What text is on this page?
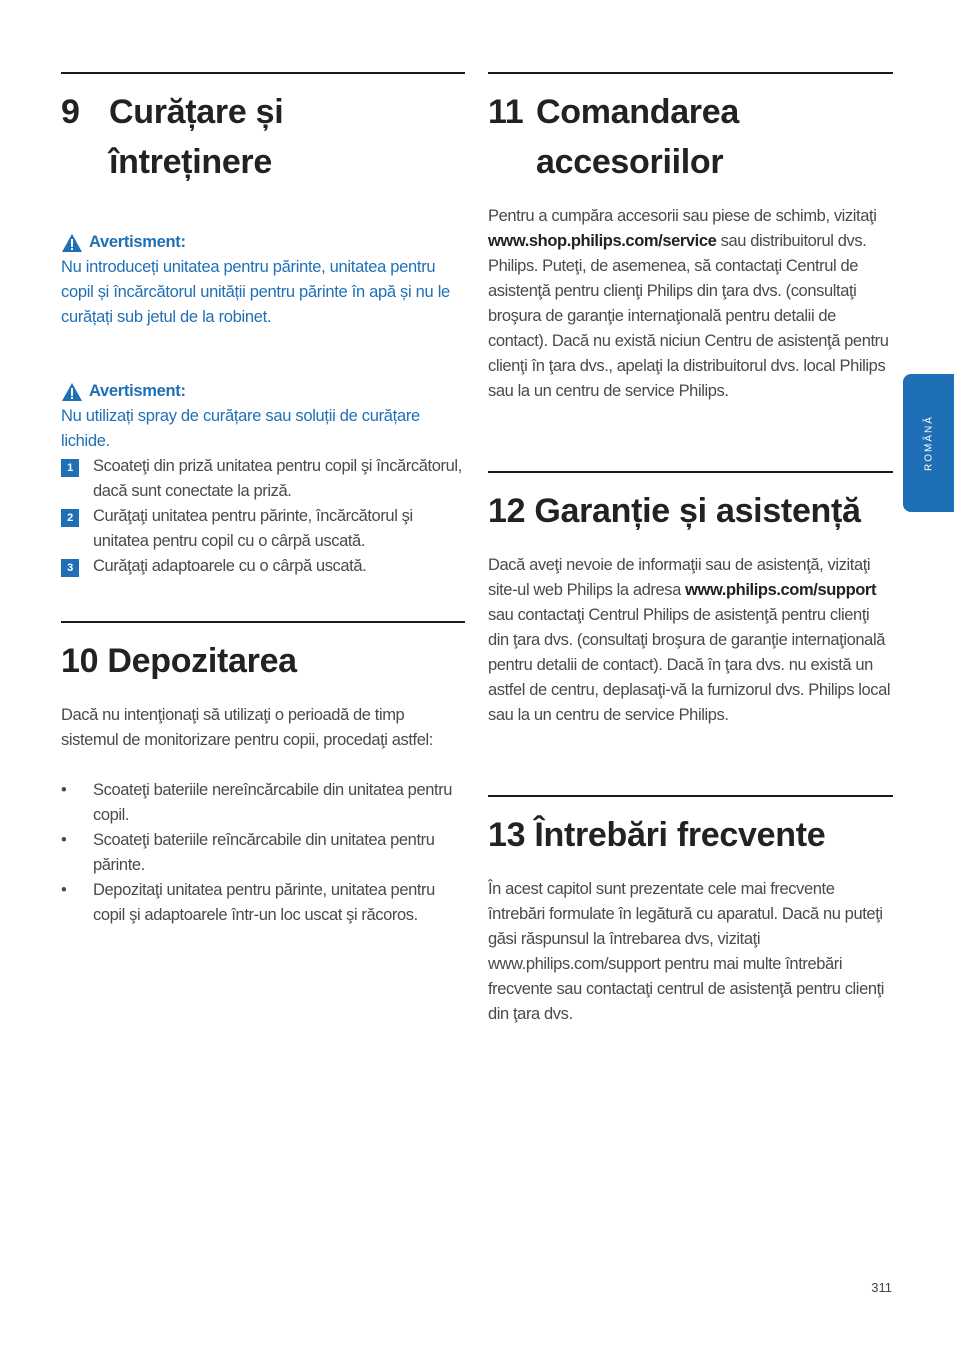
9 Curățare și
întreținere
Avertisment:
Nu introduceți unitatea pentru părinte, unitatea pentru copil și încărcătorul unității pentru părinte în apă și nu le curățați sub jetul de la robinet.
Avertisment:
Nu utilizați spray de curățare sau soluții de curățare lichide.
1	Scoateţi din priză unitatea pentru copil şi încărcătorul, dacă sunt conectate la priză.
2	Curăţaţi unitatea pentru părinte, încărcătorul şi unitatea pentru copil cu o cârpă uscată.
3	Curăţaţi adaptoarele cu o cârpă uscată.
10 Depozitarea

Dacă nu intenţionaţi să utilizaţi o perioadă de timp sistemul de monitorizare pentru copii, procedaţi astfel:

• Scoateţi bateriile nereîncărcabile din unitatea pentru copil.
• Scoateţi bateriile reîncărcabile din unitatea pentru părinte.
• Depozitaţi unitatea pentru părinte, unitatea pentru copil şi adaptoarele într-un loc uscat şi răcoros.
11 Comandarea
accesoriilor

Pentru a cumpăra accesorii sau piese de schimb, vizitaţi www.shop.philips.com/service sau distribuitorul dvs. Philips. Puteţi, de asemenea, să contactaţi Centrul de asistenţă pentru clienţi Philips din ţara dvs. (consultaţi broşura de garanţie internaţională pentru detalii de contact). Dacă nu există niciun Centru de asistenţă pentru clienţi în ţara dvs., apelaţi la distribuitorul dvs. local Philips sau la un centru de service Philips.

12 Garanție și asistență

Dacă aveţi nevoie de informaţii sau de asistenţă, vizitaţi site-ul web Philips la adresa www.philips.com/support sau contactaţi Centrul Philips de asistenţă pentru clienţi din ţara dvs. (consultaţi broşura de garanţie internaţională pentru detalii de contact). Dacă în ţara dvs. nu există un astfel de centru, deplasaţi-vă la furnizorul dvs. Philips local sau la un centru de service Philips.

13 Întrebări frecvente

În acest capitol sunt prezentate cele mai frecvente întrebări formulate în legătură cu aparatul. Dacă nu puteţi găsi răspunsul la întrebarea dvs, vizitaţi www.philips.com/support pentru mai multe întrebări frecvente sau contactaţi centrul de asistenţă pentru clienţi din ţara dvs.

ROMÂNĂ
311
